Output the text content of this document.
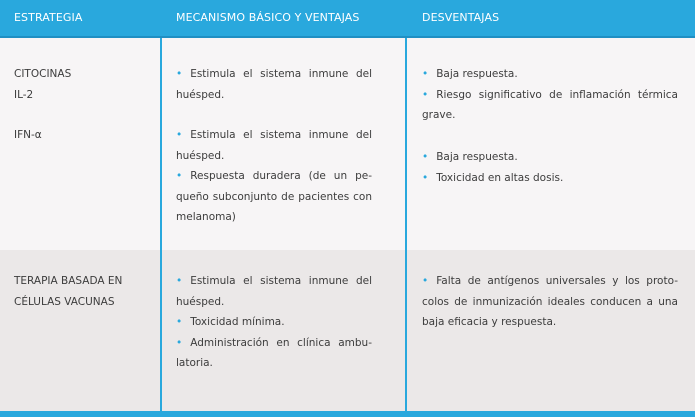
ESTRATEGIA	MECANISMO BÁSICO Y VENTAJAS	DESVENTAJAS
CITOCINAS
IL-2
IFN-α

• Estimula el sistema inmune del huésped.

• Estimula el sistema inmune del huésped.

• Respuesta duradera (de un pe- queño subconjunto de pacientes con melanoma)

• Baja respuesta.

• Riesgo significativo de inflamación térmica grave.

• Baja respuesta.

• Toxicidad en altas dosis.

TERAPIA BASADA EN
CÉLULAS VACUNAS

• Estimula el sistema inmune del huésped.

• Toxicidad mínima.

• Administración en clínica ambu- latoria.

• Falta de antígenos universales y los proto- colos de inmunización ideales conducen a una baja eficacia y respuesta.
